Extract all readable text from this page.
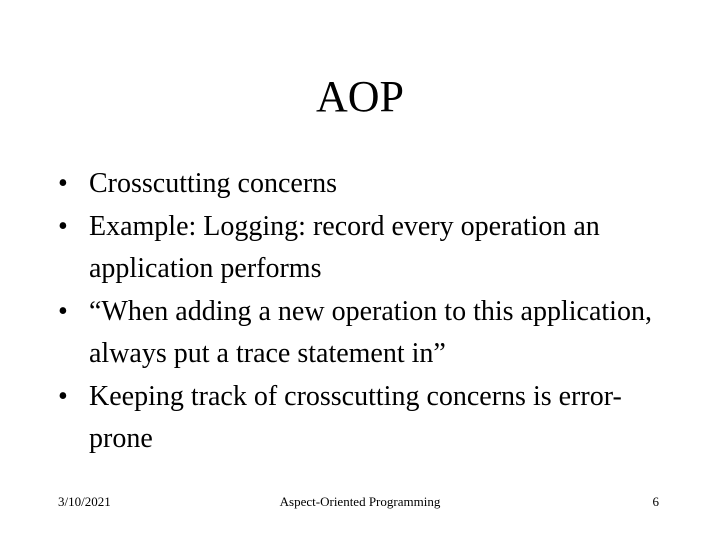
AOP
• Crosscutting concerns
• Example: Logging: record every operation an application performs
• “When adding a new operation to this application, always put a trace statement in”
• Keeping track of crosscutting concerns is error-prone
3/10/2021	Aspect-Oriented Programming	6
